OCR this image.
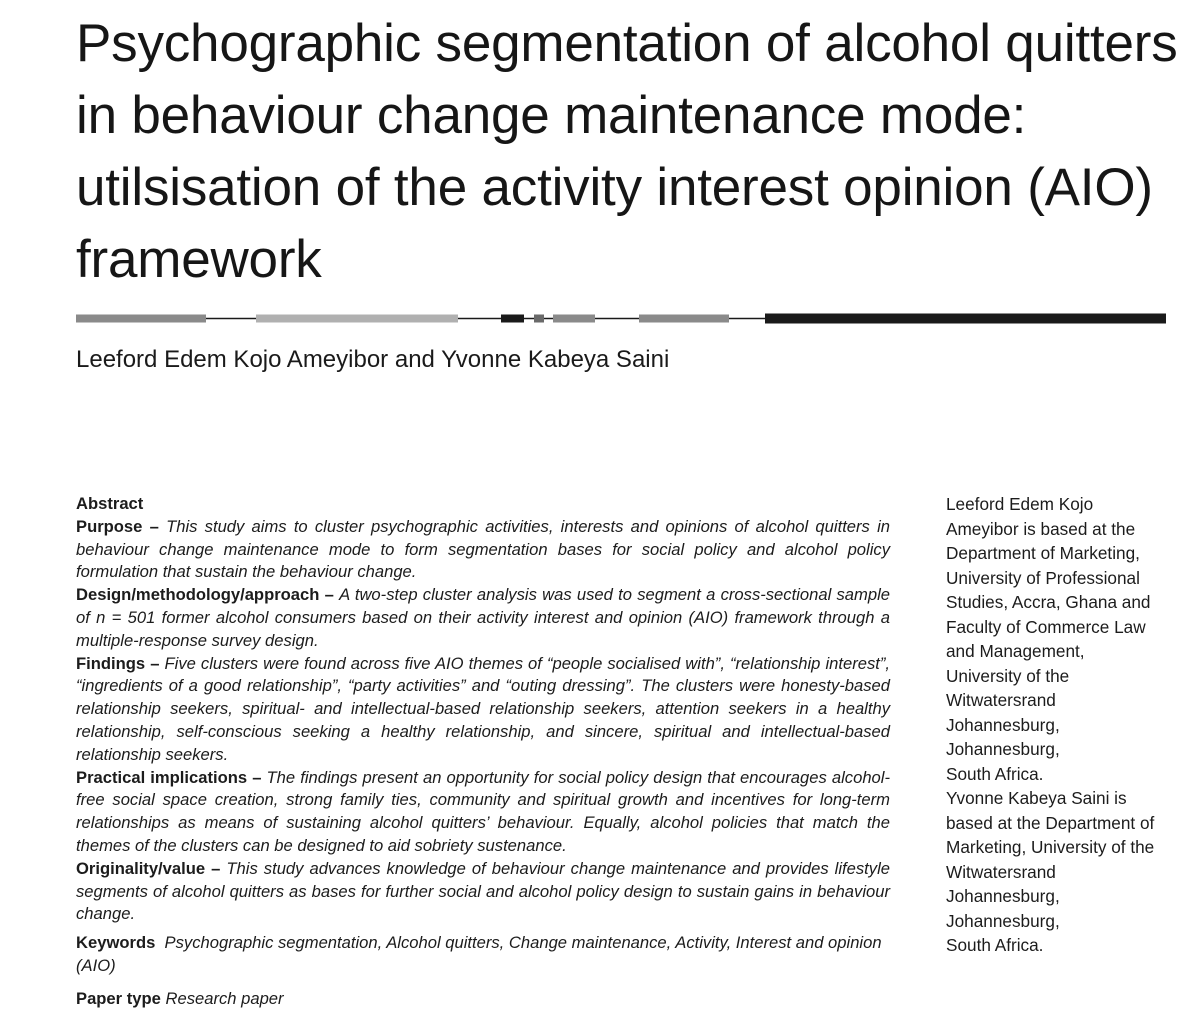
Psychographic segmentation of alcohol quitters in behaviour change maintenance mode: utilsisation of the activity interest opinion (AIO) framework

Leeford Edem Kojo Ameyibor and Yvonne Kabeya Saini

Abstract

Purpose – This study aims to cluster psychographic activities, interests and opinions of alcohol quitters in behaviour change maintenance mode to form segmentation bases for social policy and alcohol policy formulation that sustain the behaviour change.

Design/methodology/approach – A two-step cluster analysis was used to segment a cross-sectional sample of n = 501 former alcohol consumers based on their activity interest and opinion (AIO) framework through a multiple-response survey design.

Findings – Five clusters were found across five AIO themes of “people socialised with”, “relationship interest”, “ingredients of a good relationship”, “party activities” and “outing dressing”. The clusters were honesty-based relationship seekers, spiritual- and intellectual-based relationship seekers, attention seekers in a healthy relationship, self-conscious seeking a healthy relationship, and sincere, spiritual and intellectual-based relationship seekers.

Practical implications – The findings present an opportunity for social policy design that encourages alcohol-free social space creation, strong family ties, community and spiritual growth and incentives for long-term relationships as means of sustaining alcohol quitters’ behaviour. Equally, alcohol policies that match the themes of the clusters can be designed to aid sobriety sustenance.

Originality/value – This study advances knowledge of behaviour change maintenance and provides lifestyle segments of alcohol quitters as bases for further social and alcohol policy design to sustain gains in behaviour change.

Keywords Psychographic segmentation, Alcohol quitters, Change maintenance, Activity, Interest and opinion (AIO)

Paper type Research paper

Leeford Edem Kojo
Ameyibor is based at the
Department of Marketing,
University of Professional
Studies, Accra, Ghana and
Faculty of Commerce Law
and Management,
University of the
Witwatersrand
Johannesburg,
Johannesburg,
South Africa.
Yvonne Kabeya Saini is
based at the Department of
Marketing, University of the
Witwatersrand
Johannesburg,
Johannesburg,
South Africa.
